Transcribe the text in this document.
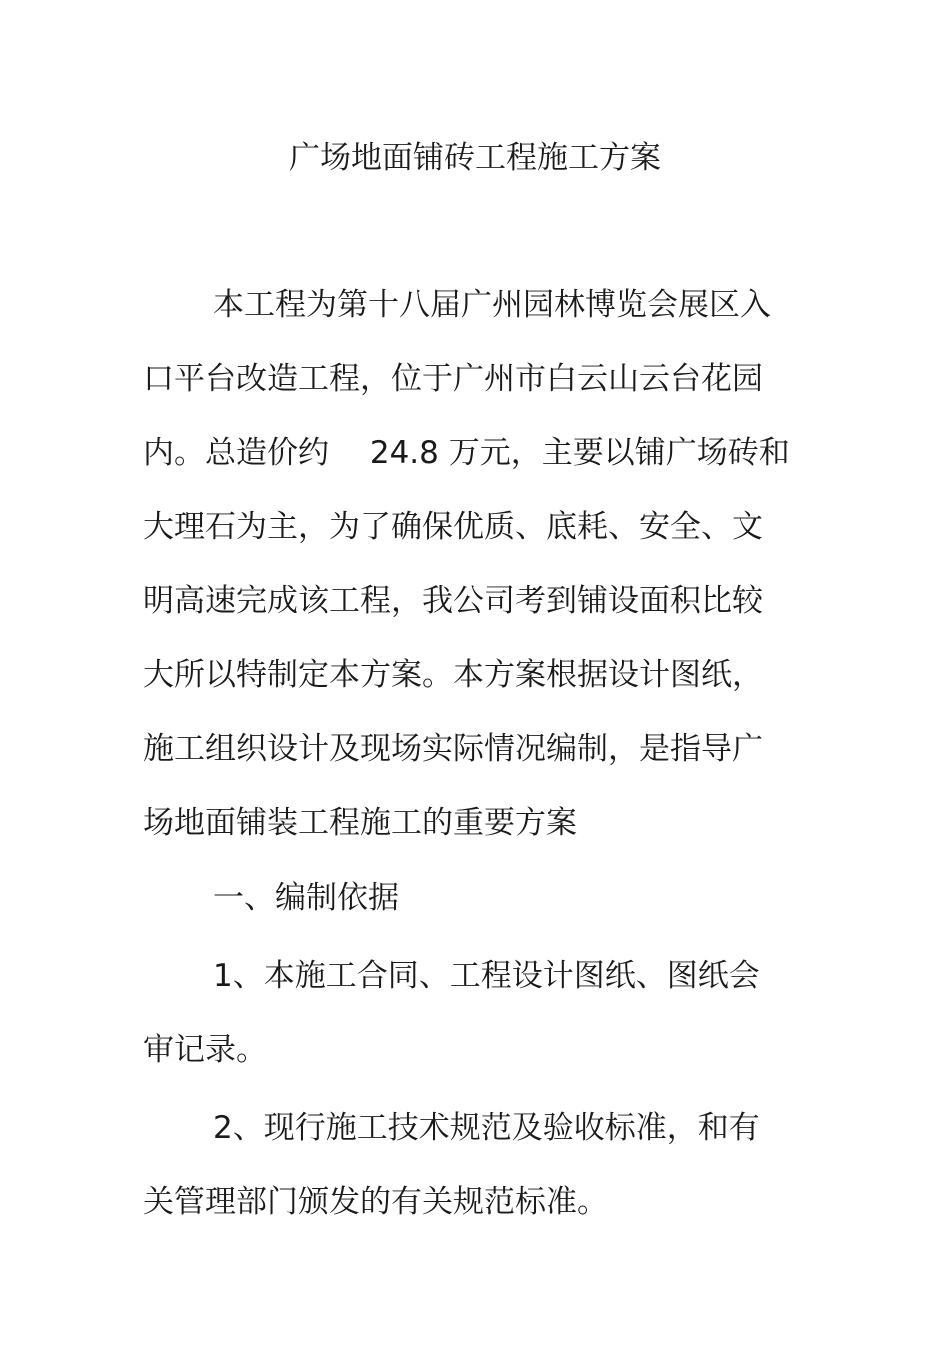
广场地面铺砖工程施工方案

本工程为第十八届广州园林博览会展区入

口平台改造工程，位于广州市白云山云台花园

内。总造价约　 24.8 万元，主要以铺广场砖和

大理石为主，为了确保优质、底耗、安全、文

明高速完成该工程，我公司考到铺设面积比较

大所以特制定本方案。本方案根据设计图纸，

施工组织设计及现场实际情况编制，是指导广

场地面铺装工程施工的重要方案

一、编制依据

1、本施工合同、工程设计图纸、图纸会

审记录。

2、现行施工技术规范及验收标准，和有

关管理部门颁发的有关规范标准。
